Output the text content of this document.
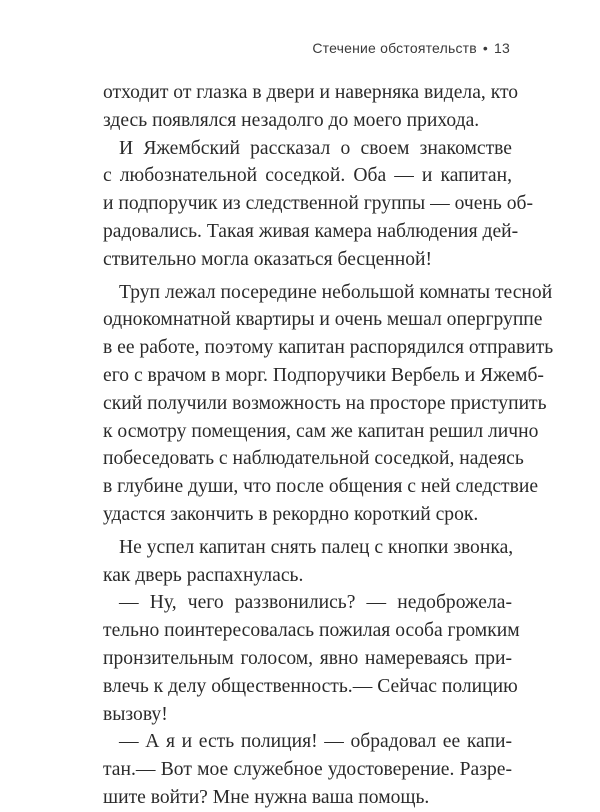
Стечение обстоятельств • 13
отходит от глазка в двери и наверняка видела, кто
здесь появлялся незадолго до моего прихода.
И Яжембский рассказал о своем знакомстве
с любознательной соседкой. Оба — и капитан,
и подпоручик из следственной группы — очень об-
радовались. Такая живая камера наблюдения дей-
ствительно могла оказаться бесценной!
Труп лежал посередине небольшой комнаты тесной
однокомнатной квартиры и очень мешал опергруппе
в ее работе, поэтому капитан распорядился отправить
его с врачом в морг. Подпоручики Вербель и Яжемб-
ский получили возможность на просторе приступить
к осмотру помещения, сам же капитан решил лично
побеседовать с наблюдательной соседкой, надеясь
в глубине души, что после общения с ней следствие
удастся закончить в рекордно короткий срок.
Не успел капитан снять палец с кнопки звонка,
как дверь распахнулась.
— Ну, чего раззвонились? — недоброжела-
тельно поинтересовалась пожилая особа громким
пронзительным голосом, явно намереваясь при-
влечь к делу общественность.— Сейчас полицию
вызову!
— А я и есть полиция! — обрадовал ее капи-
тан.— Вот мое служебное удостоверение. Разре-
шите войти? Мне нужна ваша помощь.
